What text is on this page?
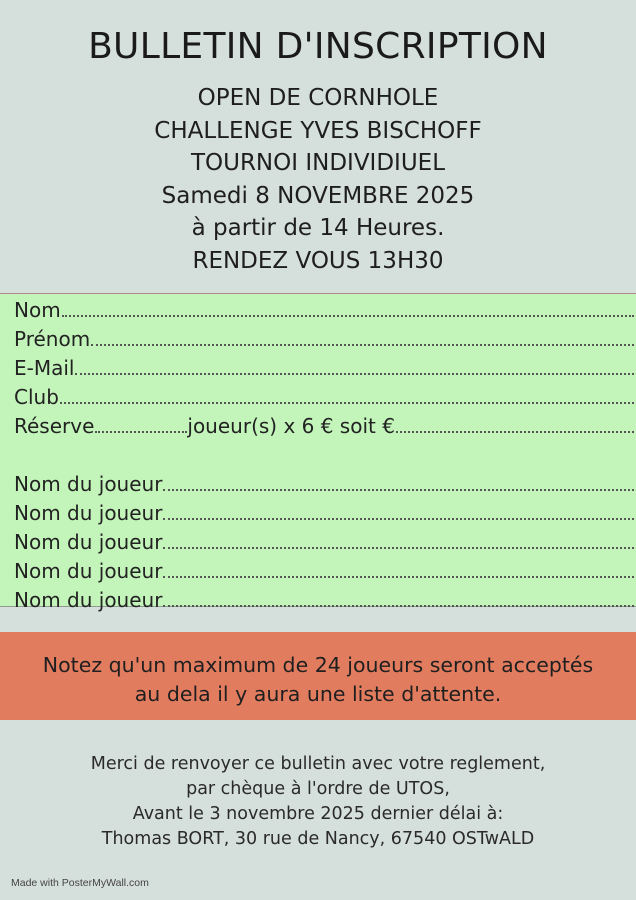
BULLETIN D'INSCRIPTION
OPEN DE CORNHOLE
CHALLENGE YVES BISCHOFF
TOURNOI INDIVIDIUEL
Samedi 8 NOVEMBRE 2025
à partir de 14 Heures.
RENDEZ VOUS 13H30
Nom
Prénom
E-Mail
Club
Réserve	joueur(s) x 6 € soit €
Nom du joueur
Nom du joueur
Nom du joueur
Nom du joueur
Nom du joueur
Notez qu'un maximum de 24 joueurs seront acceptés
au dela il y aura une liste d'attente.
Merci de renvoyer ce bulletin avec votre reglement,
par chèque à l'ordre de UTOS,
Avant le 3 novembre 2025 dernier délai à:
Thomas BORT, 30 rue de Nancy, 67540 OSTwALD
Made with PosterMyWall.com
